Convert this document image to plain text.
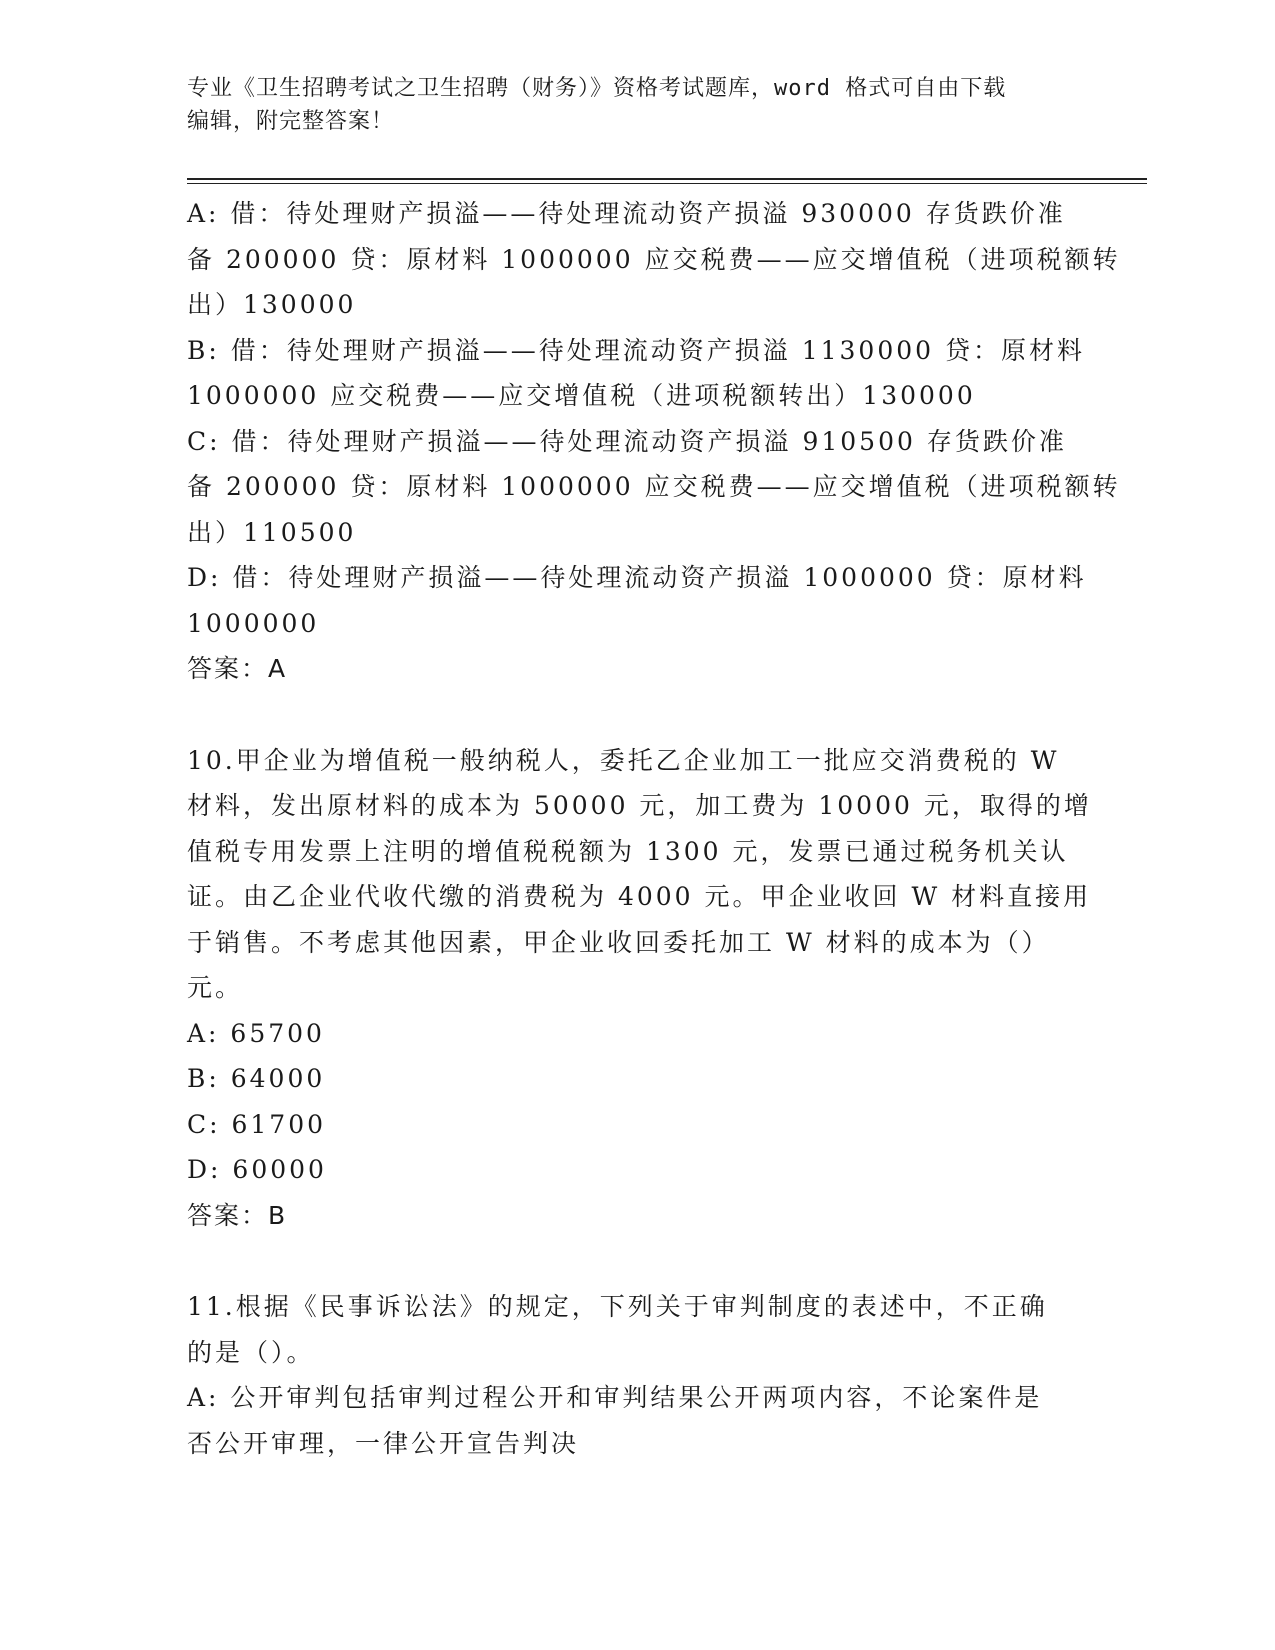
专业《卫生招聘考试之卫生招聘（财务）》资格考试题库，word 格式可自由下载
编辑，附完整答案！
A: 借：待处理财产损溢——待处理流动资产损溢 930000 存货跌价准
备 200000 贷：原材料 1000000 应交税费——应交增值税（进项税额转
出）130000
B: 借：待处理财产损溢——待处理流动资产损溢 1130000 贷：原材料
1000000 应交税费——应交增值税（进项税额转出）130000
C: 借：待处理财产损溢——待处理流动资产损溢 910500 存货跌价准
备 200000 贷：原材料 1000000 应交税费——应交增值税（进项税额转
出）110500
D: 借：待处理财产损溢——待处理流动资产损溢 1000000 贷：原材料
1000000
答案：A
10.甲企业为增值税一般纳税人，委托乙企业加工一批应交消费税的 W
材料，发出原材料的成本为 50000 元，加工费为 10000 元，取得的增
值税专用发票上注明的增值税税额为 1300 元，发票已通过税务机关认
证。由乙企业代收代缴的消费税为 4000 元。甲企业收回 W 材料直接用
于销售。不考虑其他因素，甲企业收回委托加工 W 材料的成本为（）
元。
A: 65700
B: 64000
C: 61700
D: 60000
答案：B
11.根据《民事诉讼法》的规定，下列关于审判制度的表述中，不正确
的是（）。
A: 公开审判包括审判过程公开和审判结果公开两项内容，不论案件是
否公开审理，一律公开宣告判决
